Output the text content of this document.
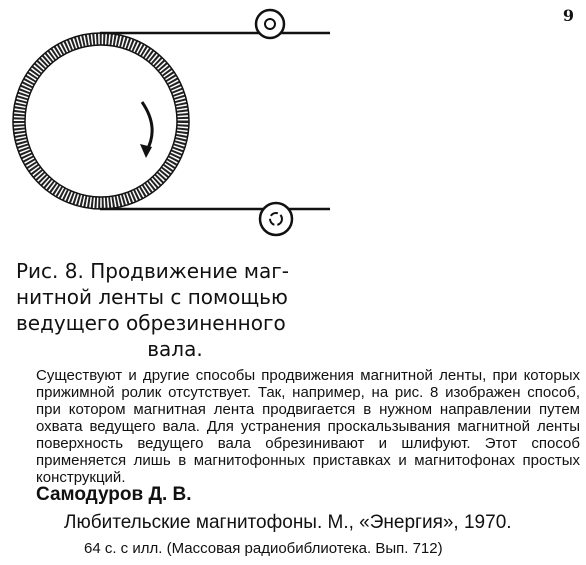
9
Рис. 8. Продвижение маг-
нитной ленты с помощью
ведущего обрезиненного
вала.
Существуют и другие способы продвижения магнитной ленты, при которых прижимной ролик отсутствует. Так, например, на рис. 8 изображен способ, при котором магнитная лента продвигается в нужном направлении путем охвата ведущего вала. Для устранения проскальзывания магнитной ленты поверхность ведущего вала обрезинивают и шлифуют. Этот способ применяется лишь в магнитофонных приставках и магнитофонах простых конструкций.
Самодуров Д. В.
Любительские магнитофоны. М., «Энергия», 1970.
64 с. с илл. (Массовая радиобиблиотека. Вып. 712)
